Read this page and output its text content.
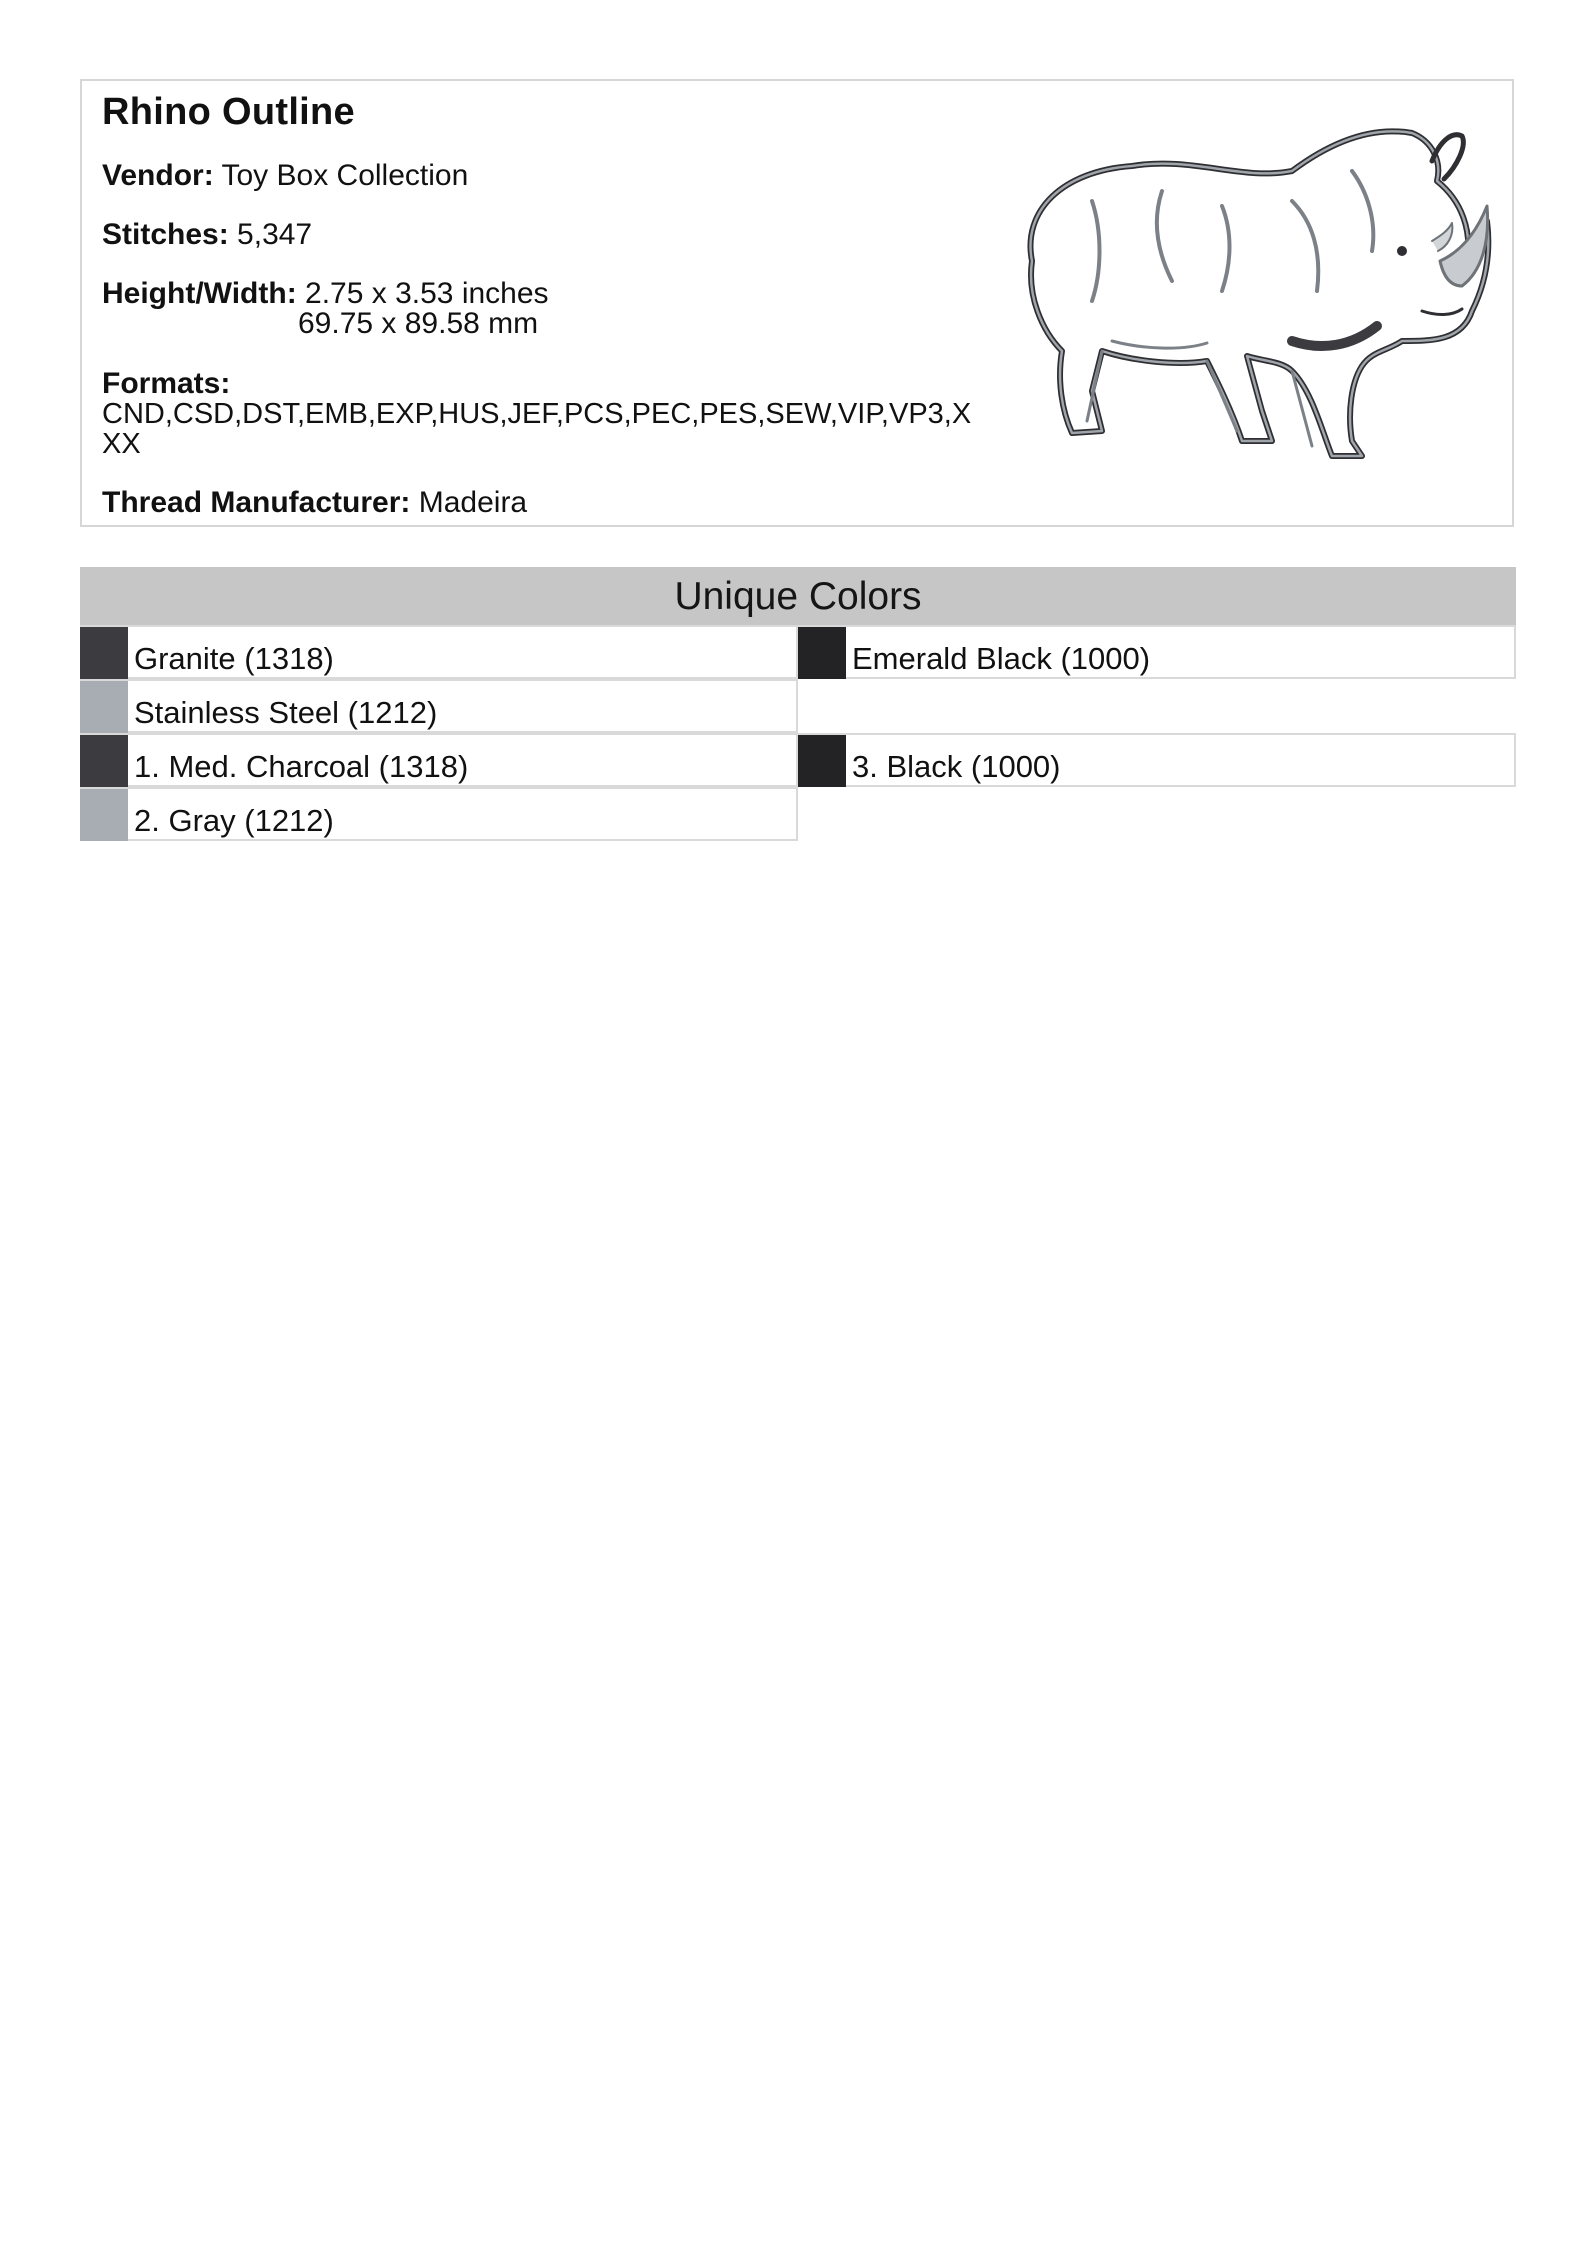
Rhino Outline
Vendor: Toy Box Collection
Stitches: 5,347
Height/Width: 2.75 x 3.53 inches
69.75 x 89.58 mm
Formats:
CND,CSD,DST,EMB,EXP,HUS,JEF,PCS,PEC,PES,SEW,VIP,VP3,XXX
Thread Manufacturer: Madeira
Unique Colors
Granite (1318)	Emerald Black (1000)
Stainless Steel (1212)
1. Med. Charcoal (1318)	3. Black (1000)
2. Gray (1212)
